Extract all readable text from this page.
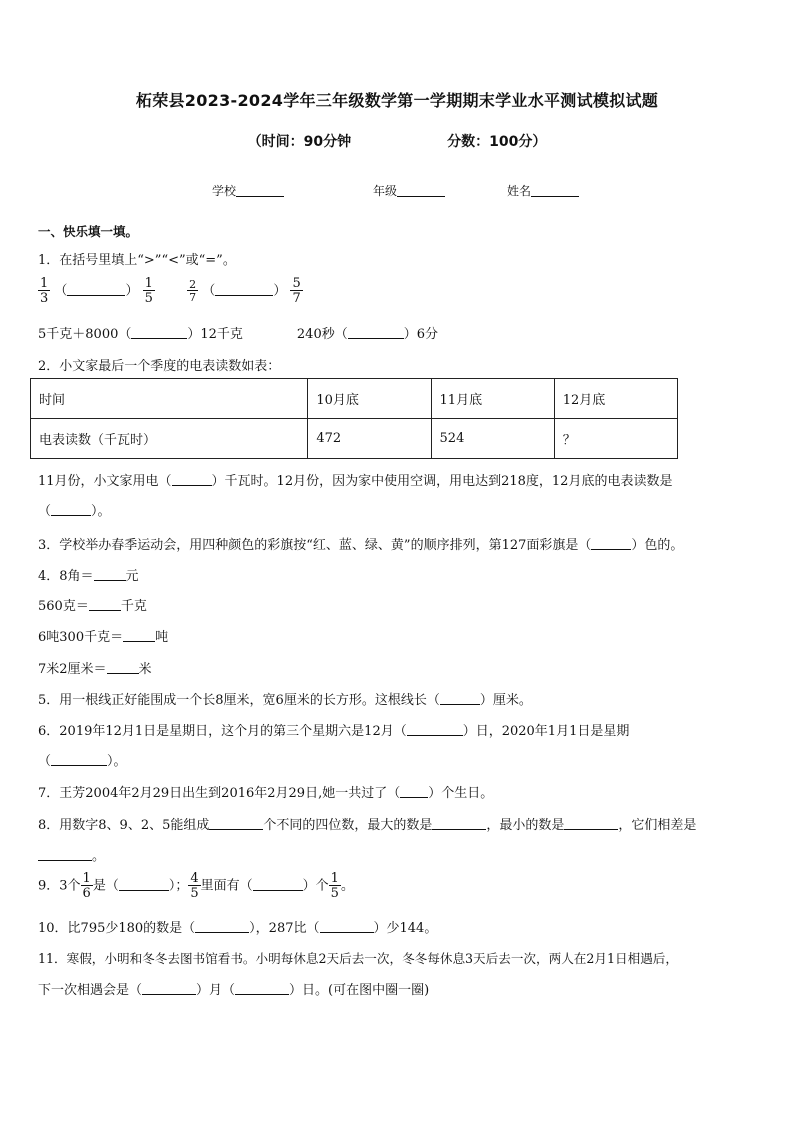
柘荣县2023-2024学年三年级数学第一学期期末学业水平测试模拟试题
（时间：90分钟	分数：100分）
学校	年级	姓名
一、快乐填一填。
1．在括号里填上“>”“<”或“=”。
$\frac{1}{3}$ （	） $\frac{1}{5}$
	$\frac{2}{7}$ （	） $\frac{5}{7}$
5千克＋8000（	）12千克	240秒（	）6分
2．小文家最后一个季度的电表读数如表：
时间	10月底	11月底	12月底
电表读数（千瓦时）	472	524	？
11月份，小文家用电（	）千瓦时。12月份，因为家中使用空调，用电达到218度，12月底的电表读数是
（	）。
3．学校举办春季运动会，用四种颜色的彩旗按“红、蓝、绿、黄”的顺序排列，第127面彩旗是（	）色的。
4．8角＝ 元
560克＝ 千克
6吨300千克＝ 吨
7米2厘米＝ 米
5．用一根线正好能围成一个长8厘米，宽6厘米的长方形。这根线长（	）厘米。
6．2019年12月1日是星期日，这个月的第三个星期六是12月（	）日，2020年1月1日是星期
（	）。
7．王芳2004年2月29日出生到2016年2月29日,她一共过了（ ）个生日。
8．用数字8、9、2、5能组成	个不同的四位数，最大的数是	，最小的数是	，它们相差是
。
9．3个 $\frac{1}{6}$ 是（	）； $\frac{4}{5}$ 里面有（	）个 $\frac{1}{5}$ 。
10．比795少180的数是（	），287比（	）少144。
11．寒假，小明和冬冬去图书馆看书。小明每休息2天后去一次，冬冬每休息3天后去一次，两人在2月1日相遇后，
下一次相遇会是（	）月（	）日。(可在图中圈一圈)
